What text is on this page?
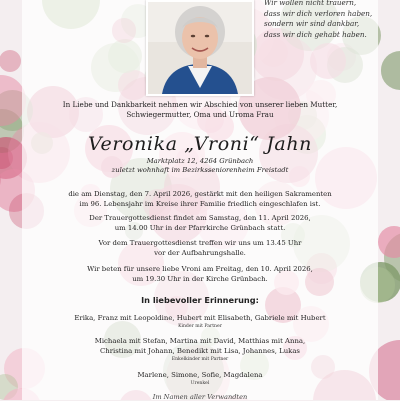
Wir wollen nicht trauern,
dass wir dich verloren haben,
sondern wir sind dankbar,
dass wir dich gehabt haben.
In Liebe und Dankbarkeit nehmen wir Abschied von unserer lieben Mutter,
Schwiegermutter, Oma und Uroma Frau
Veronika „Vroni“ Jahn
Marktplatz 12, 4264 Grünbach
zuletzt wohnhaft im Bezirksseniorenheim Freistadt
die am Dienstag, den 7. April 2026, gestärkt mit den heiligen Sakramenten
im 96. Lebensjahr im Kreise ihrer Familie friedlich eingeschlafen ist.
Der Trauergottesdienst findet am Samstag, den 11. April 2026,
um 14.00 Uhr in der Pfarrkirche Grünbach statt.
Vor dem Trauergottesdienst treffen wir uns um 13.45 Uhr
vor der Aufbahrungshalle.
Wir beten für unsere liebe Vroni am Freitag, den 10. April 2026,
um 19.30 Uhr in der Kirche Grünbach.
In liebevoller Erinnerung:
Erika, Franz mit Leopoldine, Hubert mit Elisabeth, Gabriele mit Hubert
Kinder mit Partner
Michaela mit Stefan, Martina mit David, Matthias mit Anna,
Christina mit Johann, Benedikt mit Lisa, Johannes, Lukas
Enkelkinder mit Partner
Marlene, Simone, Sofie, Magdalena
Urenkel
Im Namen aller Verwandten
